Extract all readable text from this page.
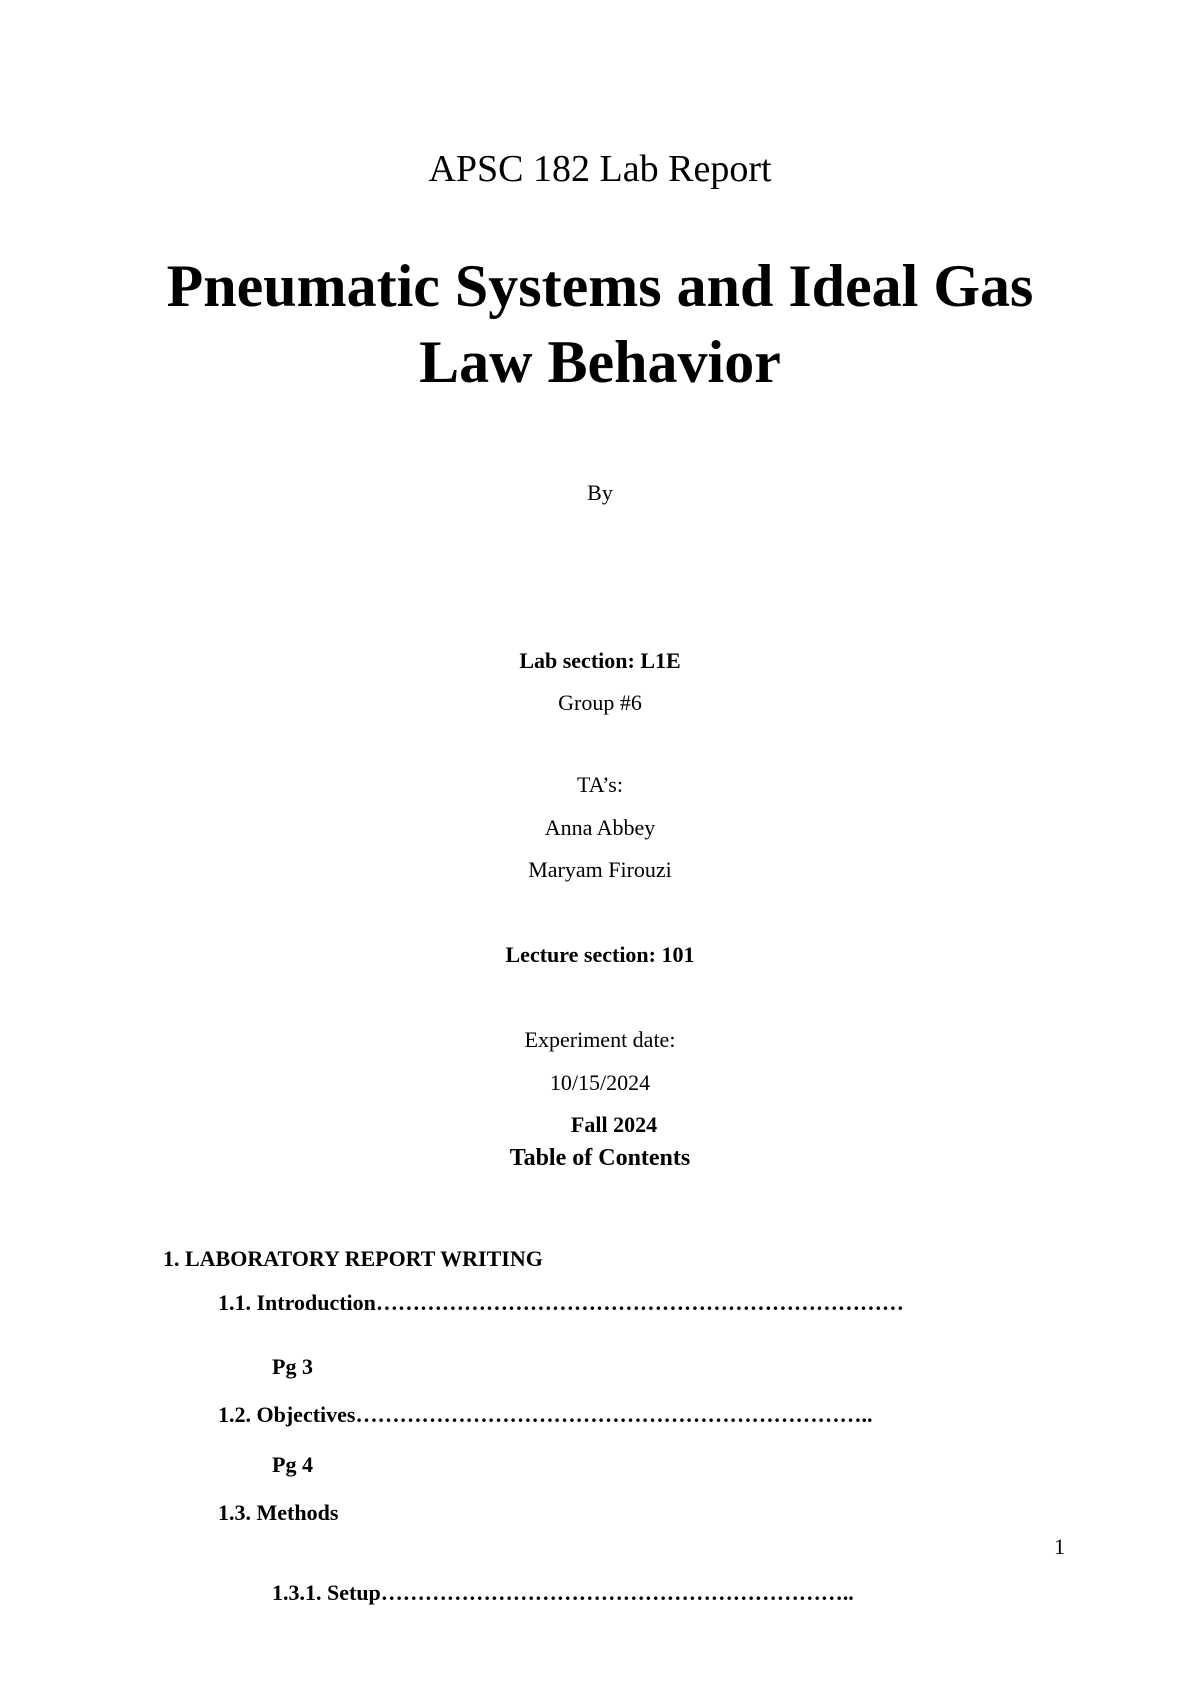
APSC 182 Lab Report
Pneumatic Systems and Ideal Gas
Law Behavior
By
Lab section: L1E
Group #6
TA’s:
Anna Abbey
Maryam Firouzi
Lecture section: 101
Experiment date:
10/15/2024
Fall 2024
Table of Contents
1. LABORATORY REPORT WRITING
1.1. Introduction………………………………………………………………
Pg 3
1.2. Objectives……………………………………………………………..
Pg 4
1.3. Methods
1
1.3.1. Setup………………………………………………………..
